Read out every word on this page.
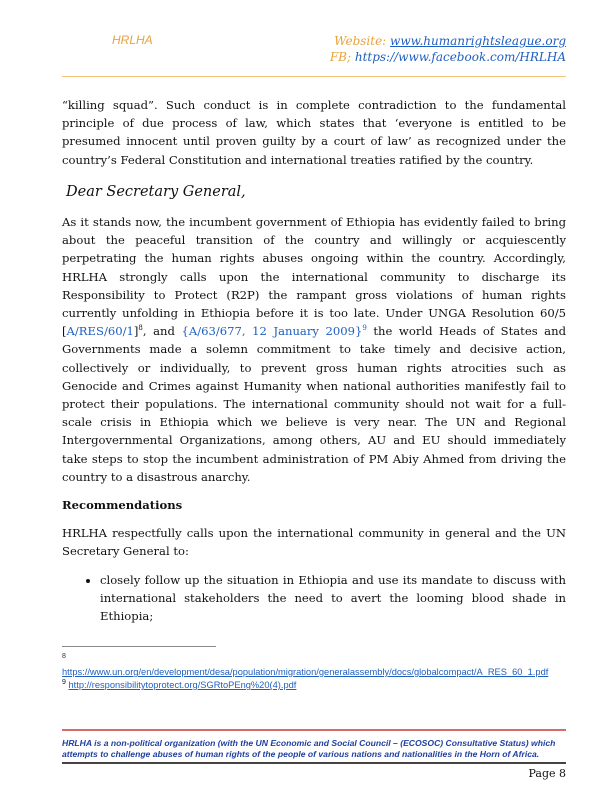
HRLHA	Website: www.humanrightsleague.org
FB; https://www.facebook.com/HRLHA

“killing squad”. Such conduct is in complete contradiction to the fundamental principle of due process of law, which states that ‘everyone is entitled to be presumed innocent until proven guilty by a court of law’ as recognized under the country’s Federal Constitution and international treaties ratified by the country.

Dear Secretary General,

As it stands now, the incumbent government of Ethiopia has evidently failed to bring about the peaceful transition of the country and willingly or acquiescently perpetrating the human rights abuses ongoing within the country. Accordingly, HRLHA strongly calls upon the international community to discharge its Responsibility to Protect (R2P) the rampant gross violations of human rights currently unfolding in Ethiopia before it is too late. Under UNGA Resolution 60/5 $[A/RES/60/1]^8$, and {A/63/677, 12 January 2009}$^9$ the world Heads of States and Governments made a solemn commitment to take timely and decisive action, collectively or individually, to prevent gross human rights atrocities such as Genocide and Crimes against Humanity when national authorities manifestly fail to protect their populations. The international community should not wait for a full-scale crisis in Ethiopia which we believe is very near. The UN and Regional Intergovernmental Organizations, among others, AU and EU should immediately take steps to stop the incumbent administration of PM Abiy Ahmed from driving the country to a disastrous anarchy.

Recommendations

HRLHA respectfully calls upon the international community in general and the UN Secretary General to:

• closely follow up the situation in Ethiopia and use its mandate to discuss with international stakeholders the need to avert the looming blood shade in Ethiopia;
8
https://www.un.org/en/development/desa/population/migration/generalassembly/docs/globalcompact/A_RES_60_1.pdf
$^9$ http://responsibilitytoprotect.org/SGRtoPEng%20(4).pdf
HRLHA is a non-political organization (with the UN Economic and Social Council – (ECOSOC) Consultative Status) which attempts to challenge abuses of human rights of the people of various nations and nationalities in the Horn of Africa.
Page 8
